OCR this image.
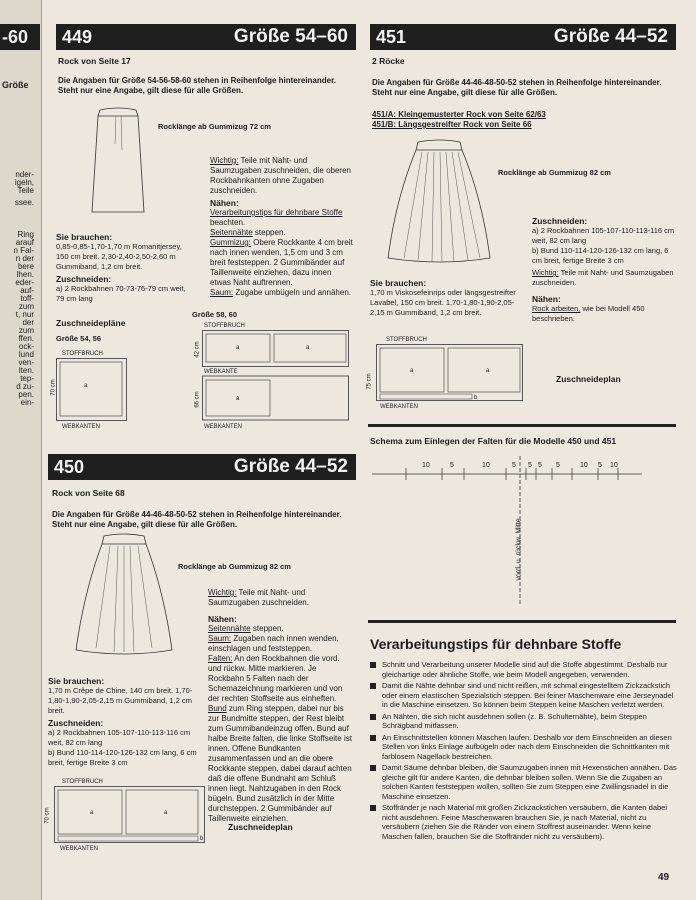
-60
Größe
nder-
igeln,
Teile
ssee.
Ring
arauf
n Fal-
n der
bere
lhen.
eder-
auf-
toff-
zum
t, nur
der
zum
ffen.
ock-
lund
ven-
lten.
tep-
d zu-
pen.
ein-
449	Größe 54–60
Rock von Seite 17
Die Angaben für Größe 54-56-58-60 stehen in Reihenfolge hintereinander. Steht nur eine Angabe, gilt diese für alle Größen.
Rocklänge ab Gummizug 72 cm
Wichtig: Teile mit Naht- und Saumzugaben zuschneiden, die oberen Rockbahnkanten ohne Zugaben zuschneiden.
Nähen:
Verarbeitungstips für dehnbare Stoffe beachten.
Seitennähte steppen.
Gummizug: Obere Rockkante 4 cm breit nach innen wenden, 1,5 cm und 3 cm breit feststeppen. 2 Gummibänder auf Taillenweite einziehen, dazu innen etwas Naht auftrennen.
Saum: Zugabe umbügeln und annähen.
Sie brauchen:
0,85-0,85-1,70-1,70 m Romanitjersey, 150 cm breit. 2,30-2,40-2,50-2,60 m Gummiband, 1,2 cm breit.
Zuschneiden:
a) 2 Rockbahnen 70-73-76-79 cm weit, 79 cm lang
Zuschneidepläne
Größe 54, 56
Größe 58, 60
STOFFBRUCH
a
70 cm
WEBKANTEN
STOFFBRUCH
a	a
a
WEBKANTE
42 cm
66 cm
WEBKANTEN
450	Größe 44–52
Rock von Seite 68
Die Angaben für Größe 44-46-48-50-52 stehen in Reihenfolge hintereinander. Steht nur eine Angabe, gilt diese für alle Größen.
Rocklänge ab Gummizug 82 cm
Wichtig: Teile mit Naht- und Saumzugaben zuschneiden.
Nähen:
Seitennähte steppen.
Saum: Zugaben nach innen wenden, einschlagen und feststeppen.
Falten: An den Rockbahnen die vord. und rückw. Mitte markieren. Je Rockbahn 5 Falten nach der Schemazeichnung markieren und von der rechten Stoffseite aus einheften.
Bund zum Ring steppen, dabei nur bis zur Bundmitte steppen, der Rest bleibt zum Gummibandeinzug offen. Bund auf halbe Breite falten, die linke Stoffseite ist innen. Offene Bundkanten zusammenfassen und an die obere Rockkante steppen, dabei darauf achten daß die offene Bundnaht am Schluß innen liegt. Nahtzugaben in den Rock bügeln. Bund zusätzlich in der Mitte durchsteppen. 2 Gummibänder auf Taillenweite einziehen.
Sie brauchen:
1,70 m Crêpe de Chine, 140 cm breit. 1,70-1,80-1,90-2,05-2,15 m Gummiband, 1,2 cm breit.
Zuschneiden:
a) 2 Rockbahnen 105-107-110-113-116 cm weit, 82 cm lang
b) Bund 110-114-120-126-132 cm lang, 6 cm breit, fertige Breite 3 cm
STOFFBRUCH
a	a
b
70 cm
WEBKANTEN
Zuschneideplan
451	Größe 44–52
2 Röcke
Die Angaben für Größe 44-46-48-50-52 stehen in Reihenfolge hintereinander. Steht nur eine Angabe, gilt diese für alle Größen.
451/A: Kleingemusterter Rock von Seite 62/63
451/B: Längsgestreifter Rock von Seite 66
Rocklänge ab Gummizug 82 cm
Zuschneiden:
a) 2 Rockbahnen 105-107-110-113-116 cm weit, 82 cm lang
b) Bund 110-114-120-126-132 cm lang, 6 cm breit, fertige Breite 3 cm
Wichtig: Teile mit Naht- und Saumzugaben zuschneiden.
Nähen:
Rock arbeiten, wie bei Modell 450 beschrieben.
Sie brauchen:
1,70 m Viskosefeinrips oder längsgestreifter Lavabel, 150 cm breit. 1,70-1,80-1,90-2,05-2,15 m Gummiband, 1,2 cm breit.
STOFFBRUCH
a	a
b
75 cm
WEBKANTEN
Zuschneideplan
Schema zum Einlegen der Falten für die Modelle 450 und 451
10	5	10	5 5 5 5	10 5 10
vord. u. rückw. Mitte
Verarbeitungstips für dehnbare Stoffe
Schnitt und Verarbeitung unserer Modelle sind auf die Stoffe abgestimmt. Deshalb nur gleichartige oder ähnliche Stoffe, wie beim Modell angegeben, verwenden.
Damit die Nähte dehnbar sind und nicht reißen, mit schmal eingestelltem Zickzackstich oder einem elastischen Spezialstich steppen. Bei feiner Maschenware eine Jerseynadel in die Maschine einsetzen. So können beim Steppen keine Maschen verletzt werden.
An Nähten, die sich nicht ausdehnen sollen (z. B. Schulternähte), beim Steppen Schrägband mitfassen.
An Einschnittstellen können Maschen laufen. Deshalb vor dem Einschneiden an diesen Stellen von links Einlage aufbügeln oder nach dem Einschneiden die Schnittkanten mit farblosem Nagellack bestreichen.
Damit Säume dehnbar bleiben, die Saumzugaben innen mit Hexenstichen annähen. Das gleiche gilt für andere Kanten, die dehnbar bleiben sollen. Wenn Sie die Zugaben an solchen Kanten feststeppen wollen, sollten Sie zum Steppen eine Zwillingsnadel in die Maschine einsetzen.
Stoffränder je nach Material mit großen Zickzackstichen versäubern, die Kanten dabei nicht ausdehnen. Feine Maschenwaren brauchen Sie, je nach Material, nicht zu versäubern (ziehen Sie die Ränder von einem Stoffrest auseinander. Wenn keine Maschen fallen, brauchen Sie die Stoffränder nicht zu versäubern).
49
